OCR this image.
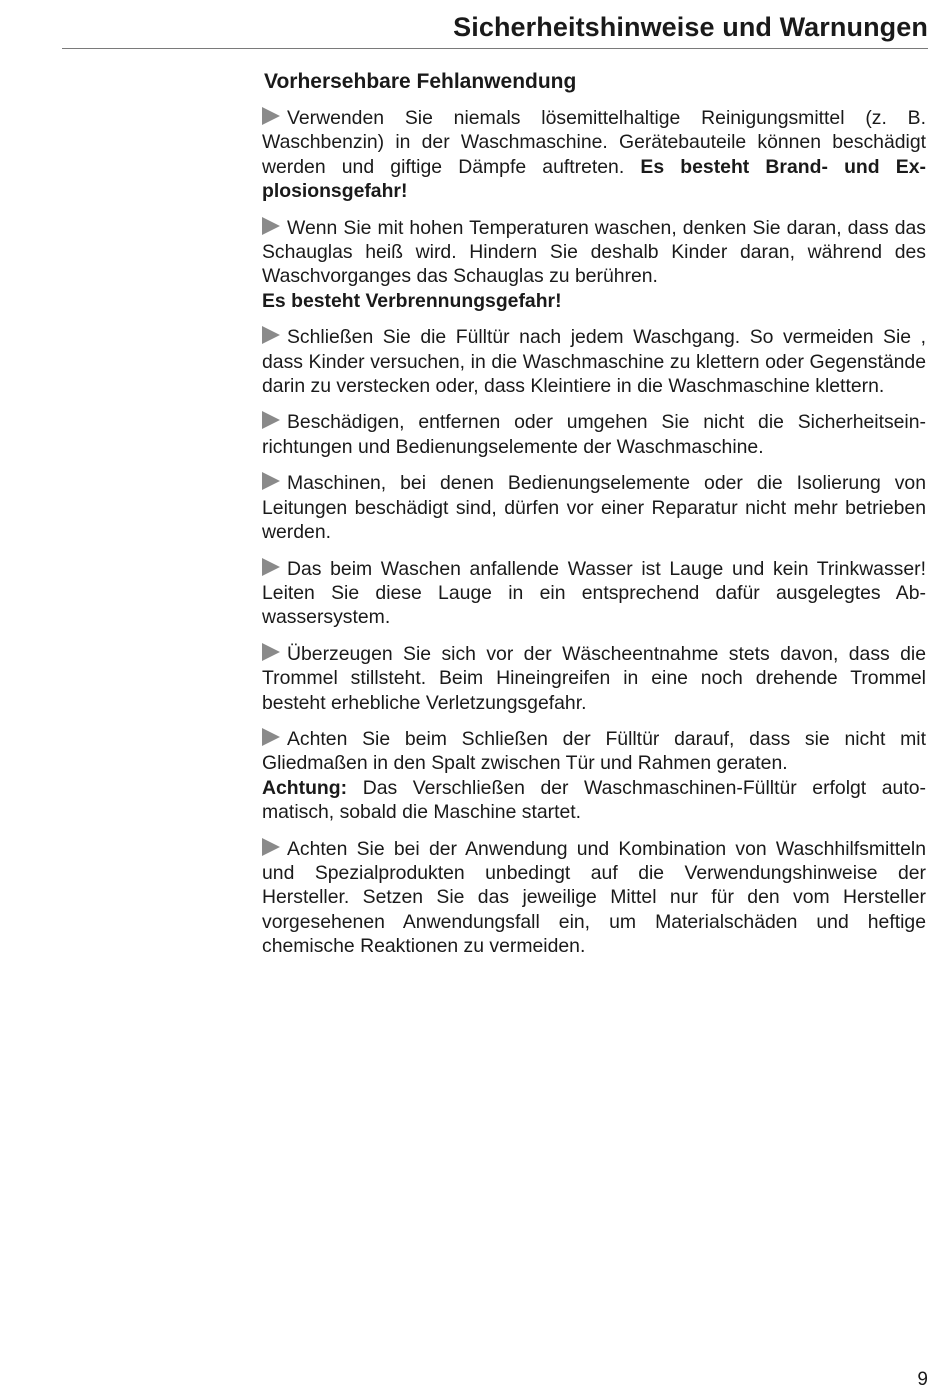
Sicherheitshinweise und Warnungen
Vorhersehbare Fehlanwendung

Verwenden Sie niemals lösemittelhaltige Reinigungsmittel (z. B. Waschbenzin) in der Waschmaschine. Gerätebauteile können beschädigt werden und giftige Dämpfe auftreten. Es besteht Brand- und Explosionsgefahr!

Wenn Sie mit hohen Temperaturen waschen, denken Sie daran, dass das Schauglas heiß wird. Hindern Sie deshalb Kinder daran, während des Waschvorganges das Schauglas zu berühren.
Es besteht Verbrennungsgefahr!

Schließen Sie die Fülltür nach jedem Waschgang. So vermeiden Sie , dass Kinder versuchen, in die Waschmaschine zu klettern oder Gegenstände darin zu verstecken oder, dass Kleintiere in die Waschmaschine klettern.

Beschädigen, entfernen oder umgehen Sie nicht die Sicherheitseinrichtungen und Bedienungselemente der Waschmaschine.

Maschinen, bei denen Bedienungselemente oder die Isolierung von Leitungen beschädigt sind, dürfen vor einer Reparatur nicht mehr betrieben werden.

Das beim Waschen anfallende Wasser ist Lauge und kein Trinkwasser! Leiten Sie diese Lauge in ein entsprechend dafür ausgelegtes Abwassersystem.

Überzeugen Sie sich vor der Wäscheentnahme stets davon, dass die Trommel stillsteht. Beim Hineingreifen in eine noch drehende Trommel besteht erhebliche Verletzungsgefahr.

Achten Sie beim Schließen der Fülltür darauf, dass sie nicht mit Gliedmaßen in den Spalt zwischen Tür und Rahmen geraten.
Achtung: Das Verschließen der Waschmaschinen-Fülltür erfolgt automatisch, sobald die Maschine startet.

Achten Sie bei der Anwendung und Kombination von Waschhilfsmitteln und Spezialprodukten unbedingt auf die Verwendungshinweise der Hersteller. Setzen Sie das jeweilige Mittel nur für den vom Hersteller vorgesehenen Anwendungsfall ein, um Materialschäden und heftige chemische Reaktionen zu vermeiden.

9
